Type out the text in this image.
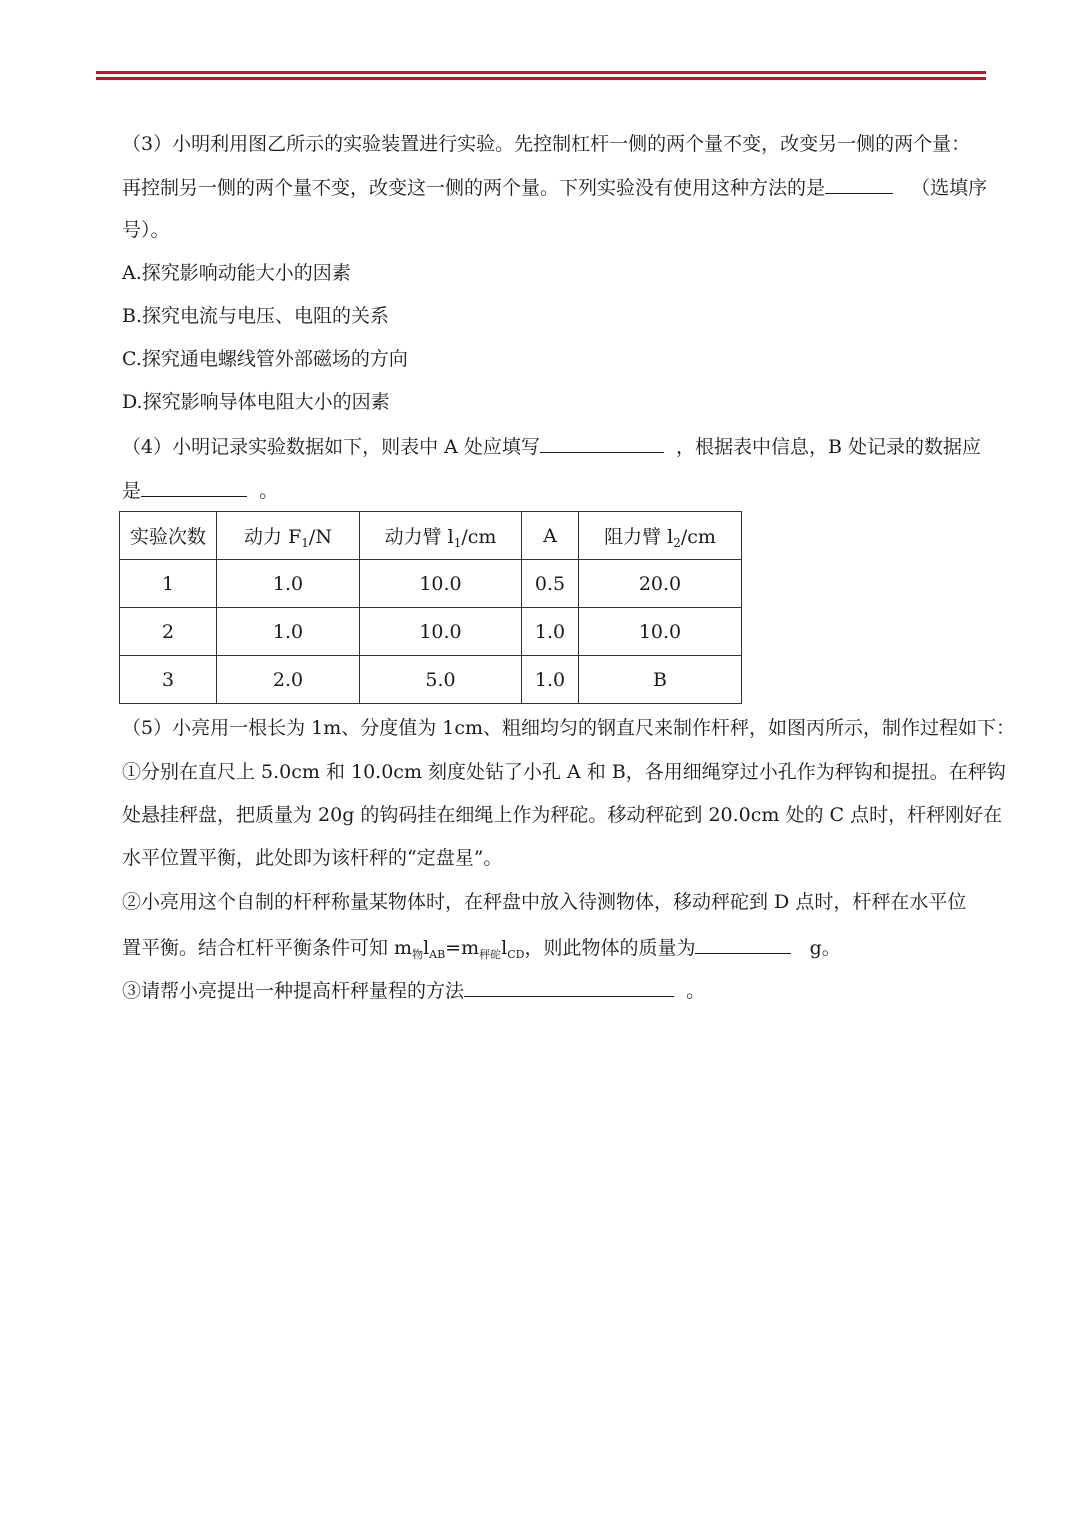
（3）小明利用图乙所示的实验装置进行实验。先控制杠杆一侧的两个量不变，改变另一侧的两个量：
再控制另一侧的两个量不变，改变这一侧的两个量。下列实验没有使用这种方法的是	（选填序
号）。
A.探究影响动能大小的因素
B.探究电流与电压、电阻的关系
C.探究通电螺线管外部磁场的方向
D.探究影响导体电阻大小的因素
（4）小明记录实验数据如下，则表中 A 处应填写	，根据表中信息，B 处记录的数据应
是	。
实验次数	动力 $F_1/N$	动力臂 $l_1/cm$	A	阻力臂 $l_2/cm$
1	1.0	10.0	0.5	20.0
2	1.0	10.0	1.0	10.0
3	2.0	5.0	1.0	B
（5）小亮用一根长为 1m、分度值为 1cm、粗细均匀的钢直尺来制作杆秤，如图丙所示，制作过程如下：
①分别在直尺上 5.0cm 和 10.0cm 刻度处钻了小孔 A 和 B，各用细绳穿过小孔作为秤钩和提扭。在秤钩
处悬挂秤盘，把质量为 20g 的钩码挂在细绳上作为秤砣。移动秤砣到 20.0cm 处的 C 点时，杆秤刚好在
水平位置平衡，此处即为该杆秤的“定盘星”。
②小亮用这个自制的杆秤称量某物体时，在秤盘中放入待测物体，移动秤砣到 D 点时，杆秤在水平位
置平衡。结合杠杆平衡条件可知 $m_物l_{AB}=m_{秤砣}l_{CD}$，则此物体的质量为	g。
③请帮小亮提出一种提高杆秤量程的方法	。
